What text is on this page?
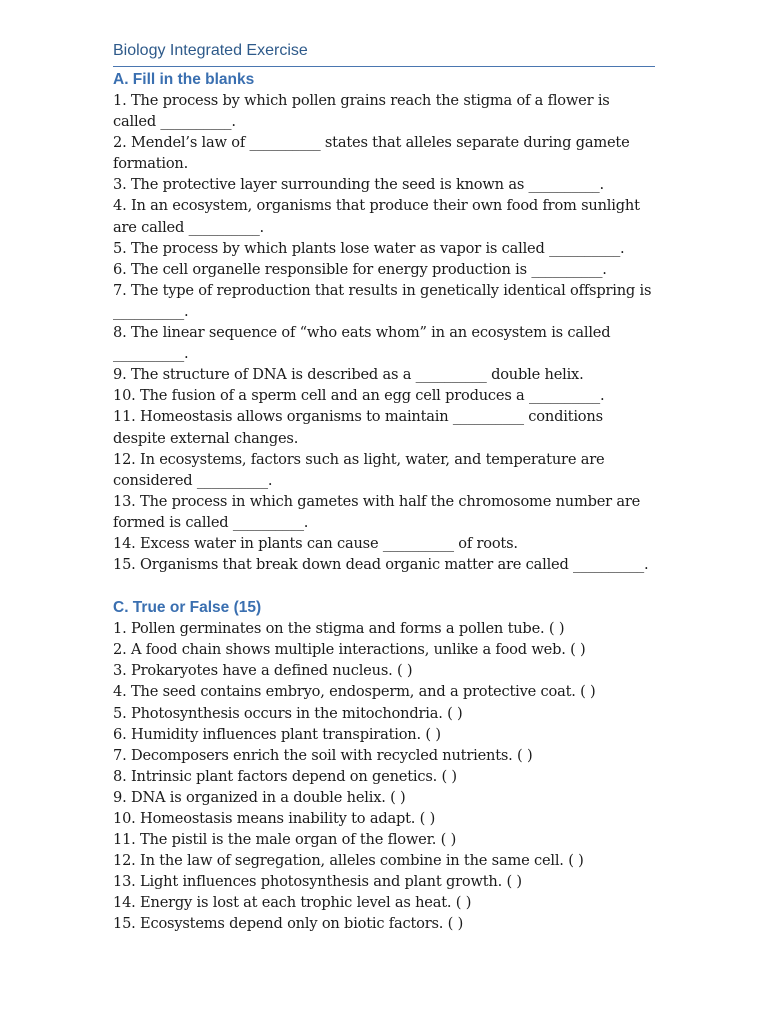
Biology Integrated Exercise
A. Fill in the blanks
1. The process by which pollen grains reach the stigma of a flower is called __________.
2. Mendel’s law of __________ states that alleles separate during gamete formation.
3. The protective layer surrounding the seed is known as __________.
4. In an ecosystem, organisms that produce their own food from sunlight are called __________.
5. The process by which plants lose water as vapor is called __________.
6. The cell organelle responsible for energy production is __________.
7. The type of reproduction that results in genetically identical offspring is __________.
8. The linear sequence of “who eats whom” in an ecosystem is called __________.
9. The structure of DNA is described as a __________ double helix.
10. The fusion of a sperm cell and an egg cell produces a __________.
11. Homeostasis allows organisms to maintain __________ conditions despite external changes.
12. In ecosystems, factors such as light, water, and temperature are considered __________.
13. The process in which gametes with half the chromosome number are formed is called __________.
14. Excess water in plants can cause __________ of roots.
15. Organisms that break down dead organic matter are called __________.
C. True or False (15)
1. Pollen germinates on the stigma and forms a pollen tube. ( )
2. A food chain shows multiple interactions, unlike a food web. ( )
3. Prokaryotes have a defined nucleus. ( )
4. The seed contains embryo, endosperm, and a protective coat. ( )
5. Photosynthesis occurs in the mitochondria. ( )
6. Humidity influences plant transpiration. ( )
7. Decomposers enrich the soil with recycled nutrients. ( )
8. Intrinsic plant factors depend on genetics. ( )
9. DNA is organized in a double helix. ( )
10. Homeostasis means inability to adapt. ( )
11. The pistil is the male organ of the flower. ( )
12. In the law of segregation, alleles combine in the same cell. ( )
13. Light influences photosynthesis and plant growth. ( )
14. Energy is lost at each trophic level as heat. ( )
15. Ecosystems depend only on biotic factors. ( )
